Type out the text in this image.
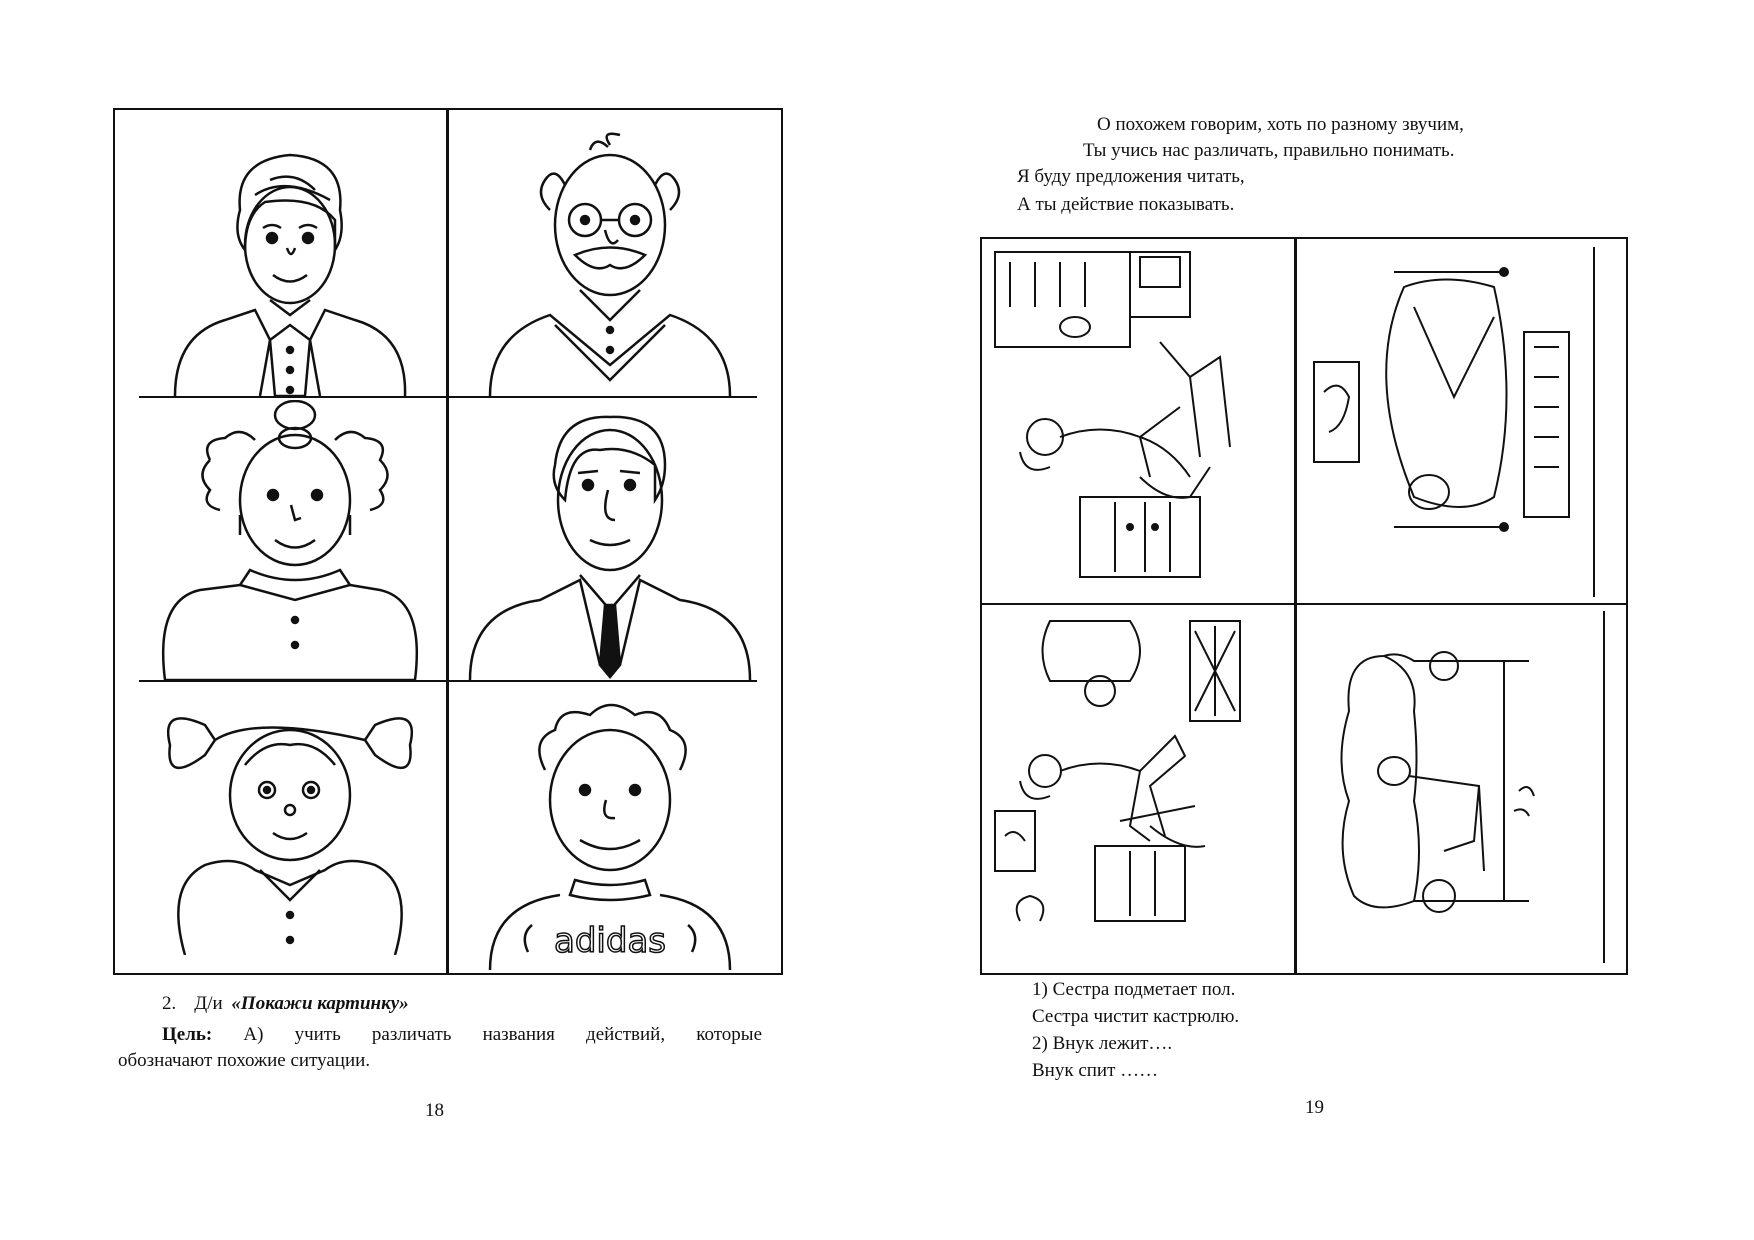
adidas
2. Д/и «Покажи картинку»
Цель: А) учить различать названия действий, которые
обозначают похожие ситуации.
18
О похожем говорим, хоть по разному звучим,
Ты учись нас различать, правильно понимать.
Я буду предложения читать,
А ты действие показывать.
1) Сестра подметает пол.
Сестра чистит кастрюлю.
2) Внук лежит….
Внук спит ……
19
